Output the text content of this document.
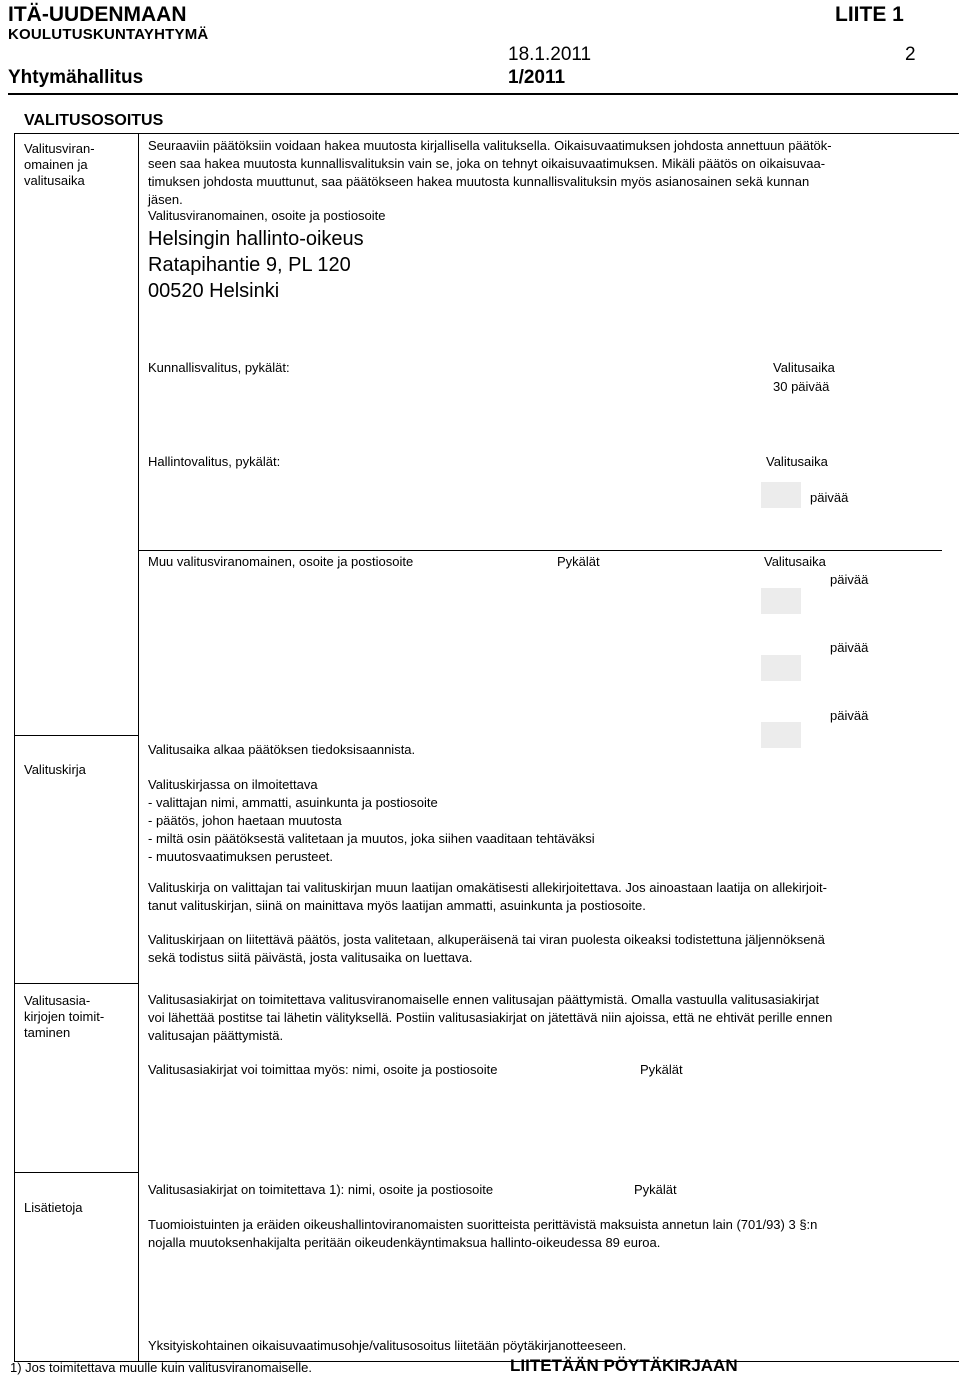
ITÄ-UUDENMAAN
KOULUTUSKUNTAYHTYMÄ
LIITE 1
18.1.2011	2
Yhtymähallitus	1/2011
VALITUSOSOITUS
Valitusviran-
omainen ja
valitusaika
Seuraaviin päätöksiin voidaan hakea muutosta kirjallisella valituksella. Oikaisuvaatimuksen johdosta annettuun päätök-
seen saa hakea muutosta kunnallisvalituksin vain se, joka on tehnyt oikaisuvaatimuksen. Mikäli päätös on oikaisuvaa-
timuksen johdosta muuttunut, saa päätökseen hakea muutosta kunnallisvalituksin myös asianosainen sekä kunnan
jäsen.
Valitusviranomainen, osoite ja postiosoite
Helsingin hallinto-oikeus
Ratapihantie 9, PL 120
00520 Helsinki
Kunnallisvalitus, pykälät:	Valitusaika
30 päivää
Hallintovalitus, pykälät:	Valitusaika
päivää
Muu valitusviranomainen, osoite ja postiosoite	Pykälät	Valitusaika
päivää
päivää
päivää
Valitusaika alkaa päätöksen tiedoksisaannista.
Valituskirja
Valituskirjassa on ilmoitettava
- valittajan nimi, ammatti, asuinkunta ja postiosoite
- päätös, johon haetaan muutosta
- miltä osin päätöksestä valitetaan ja muutos, joka siihen vaaditaan tehtäväksi
- muutosvaatimuksen perusteet.
Valituskirja on valittajan tai valituskirjan muun laatijan omakätisesti allekirjoitettava. Jos ainoastaan laatija on allekirjoit-
tanut valituskirjan, siinä on mainittava myös laatijan ammatti, asuinkunta ja postiosoite.
Valituskirjaan on liitettävä päätös, josta valitetaan, alkuperäisenä tai viran puolesta oikeaksi todistettuna jäljennöksenä
sekä todistus siitä päivästä, josta valitusaika on luettava.
Valitusasia-
kirjojen toimit-
taminen
Valitusasiakirjat on toimitettava valitusviranomaiselle ennen valitusajan päättymistä. Omalla vastuulla valitusasiakirjat
voi lähettää postitse tai lähetin välityksellä. Postiin valitusasiakirjat on jätettävä niin ajoissa, että ne ehtivät perille ennen
valitusajan päättymistä.
Valitusasiakirjat voi toimittaa myös: nimi, osoite ja postiosoite	Pykälät
Valitusasiakirjat on toimitettava 1): nimi, osoite ja postiosoite	Pykälät
Lisätietoja
Tuomioistuinten ja eräiden oikeushallintoviranomaisten suoritteista perittävistä maksuista annetun lain (701/93) 3 §:n
nojalla muutoksenhakijalta peritään oikeudenkäyntimaksua hallinto-oikeudessa 89 euroa.
Yksityiskohtainen oikaisuvaatimusohje/valitusosoitus liitetään pöytäkirjanotteeseen.
1) Jos toimitettava muulle kuin valitusviranomaiselle.	LIITETÄÄN PÖYTÄKIRJAAN
